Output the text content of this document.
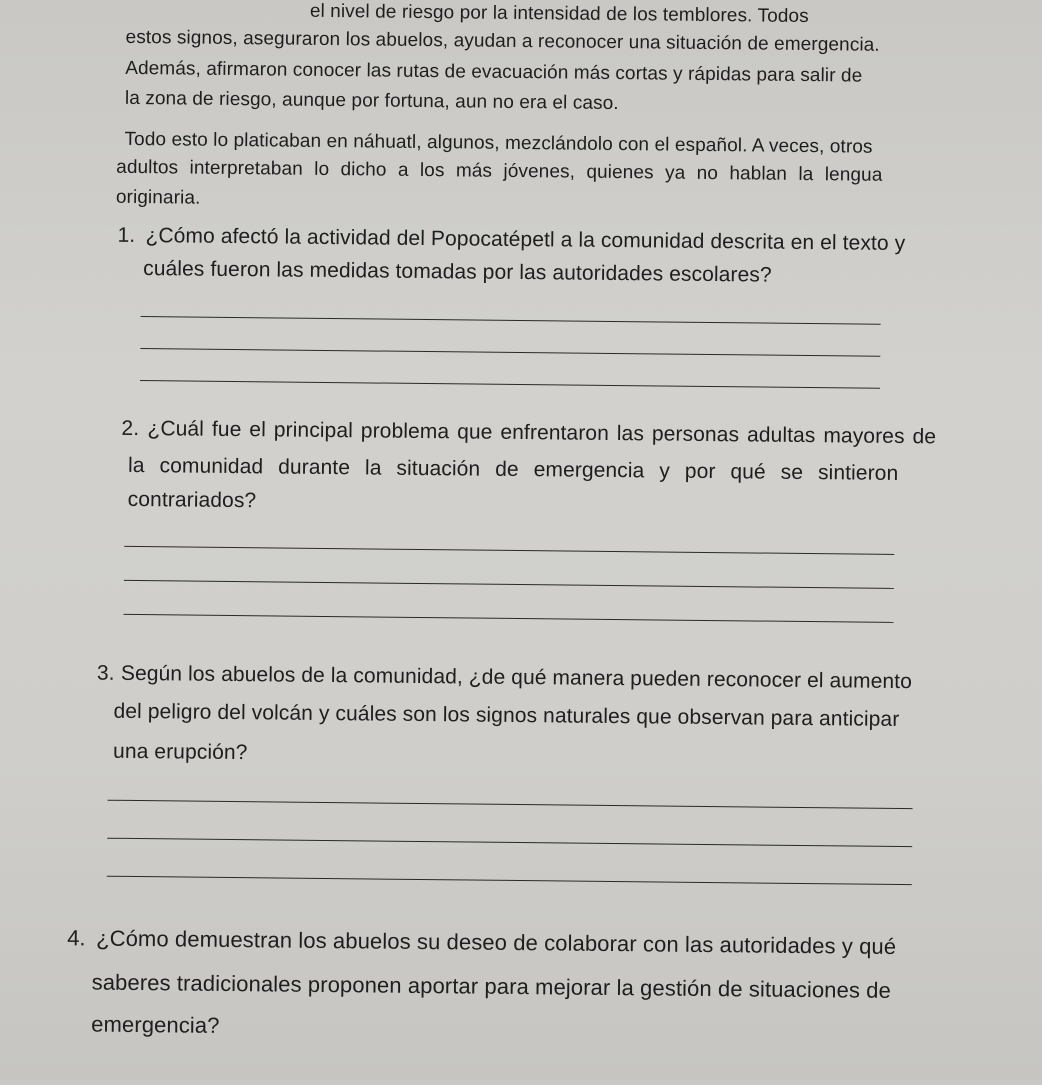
el nivel de riesgo por la intensidad de los temblores. Todos
estos signos, aseguraron los abuelos, ayudan a reconocer una situación de emergencia.
Además, afirmaron conocer las rutas de evacuación más cortas y rápidas para salir de
la zona de riesgo, aunque por fortuna, aun no era el caso.
Todo esto lo platicaban en náhuatl, algunos, mezclándolo con el español. A veces, otros
adultos interpretaban lo dicho a los más jóvenes, quienes ya no hablan la lengua
originaria.
1. ¿Cómo afectó la actividad del Popocatépetl a la comunidad descrita en el texto y
cuáles fueron las medidas tomadas por las autoridades escolares?
2. ¿Cuál fue el principal problema que enfrentaron las personas adultas mayores de
la comunidad durante la situación de emergencia y por qué se sintieron
contrariados?
3. Según los abuelos de la comunidad, ¿de qué manera pueden reconocer el aumento
del peligro del volcán y cuáles son los signos naturales que observan para anticipar
una erupción?
4. ¿Cómo demuestran los abuelos su deseo de colaborar con las autoridades y qué
saberes tradicionales proponen aportar para mejorar la gestión de situaciones de
emergencia?
